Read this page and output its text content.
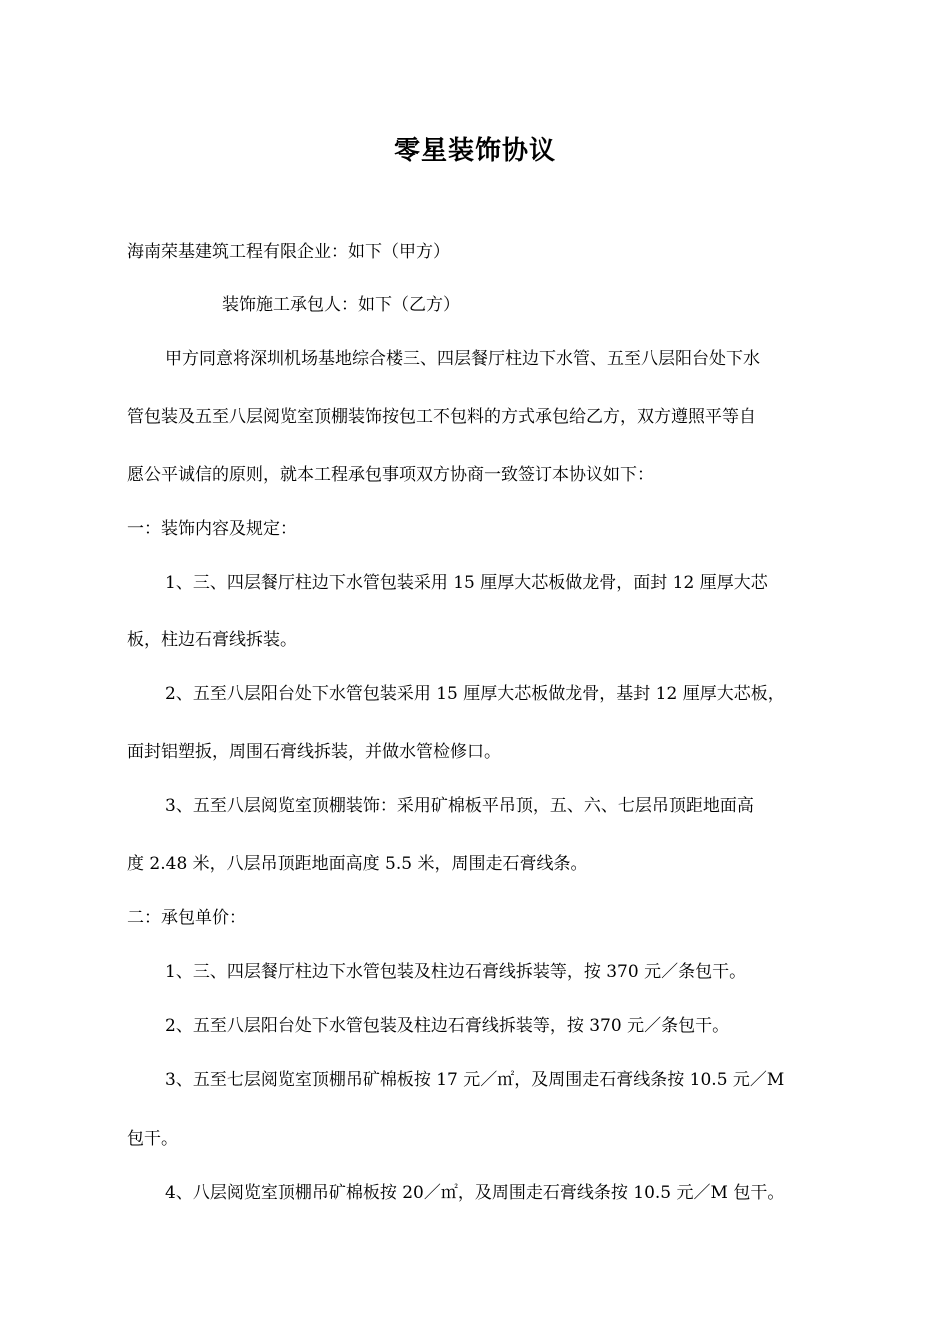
零星装饰协议
海南荣基建筑工程有限企业：如下（甲方）
装饰施工承包人：如下（乙方）
甲方同意将深圳机场基地综合楼三、四层餐厅柱边下水管、五至八层阳台处下水
管包装及五至八层阅览室顶棚装饰按包工不包料的方式承包给乙方，双方遵照平等自
愿公平诚信的原则，就本工程承包事项双方协商一致签订本协议如下：
一：装饰内容及规定：
1、三、四层餐厅柱边下水管包装采用 15 厘厚大芯板做龙骨，面封 12 厘厚大芯
板，柱边石膏线拆装。
2、五至八层阳台处下水管包装采用 15 厘厚大芯板做龙骨，基封 12 厘厚大芯板，
面封铝塑扳，周围石膏线拆装，并做水管检修口。
3、五至八层阅览室顶棚装饰：采用矿棉板平吊顶，五、六、七层吊顶距地面高
度 2.48 米，八层吊顶距地面高度 5.5 米，周围走石膏线条。
二：承包单价：
1、三、四层餐厅柱边下水管包装及柱边石膏线拆装等，按 370 元／条包干。
2、五至八层阳台处下水管包装及柱边石膏线拆装等，按 370 元／条包干。
3、五至七层阅览室顶棚吊矿棉板按 17 元／㎡，及周围走石膏线条按 10.5 元／M
包干。
4、八层阅览室顶棚吊矿棉板按 20／㎡，及周围走石膏线条按 10.5 元／M 包干。
